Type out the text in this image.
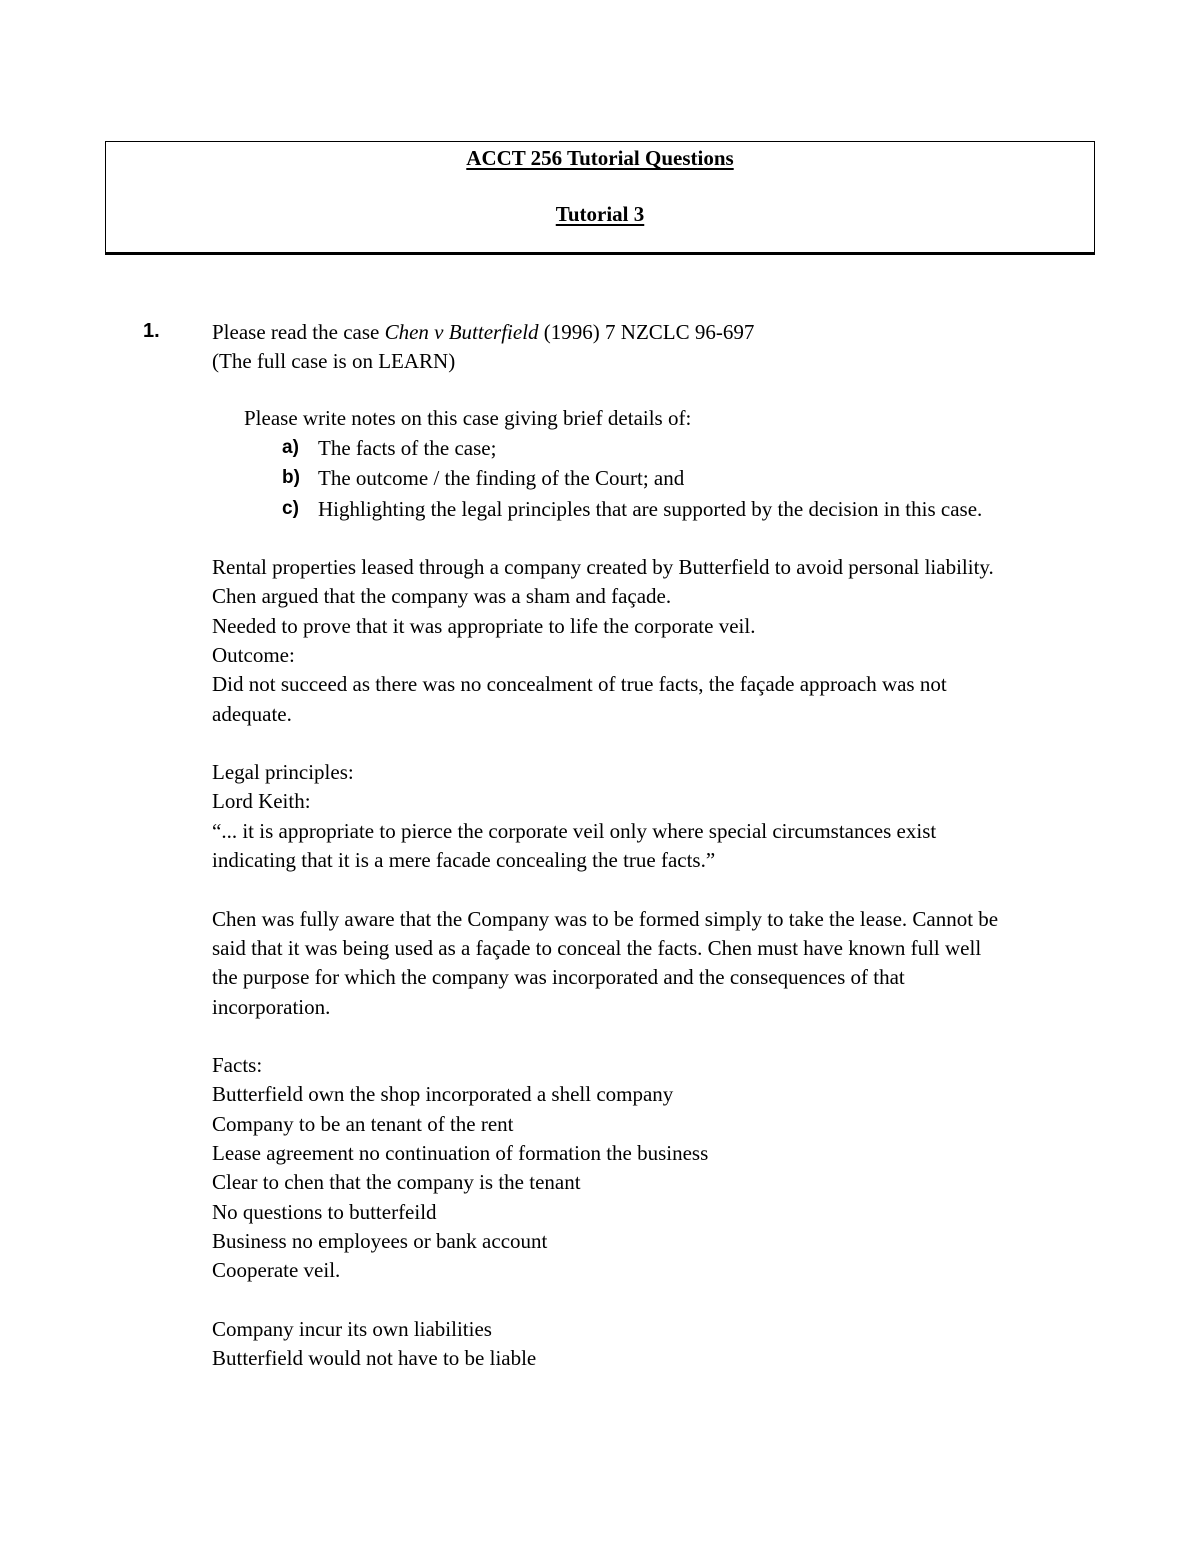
ACCT 256 Tutorial Questions
Tutorial 3
1. Please read the case Chen v Butterfield (1996) 7 NZCLC 96-697
(The full case is on LEARN)
Please write notes on this case giving brief details of:
a) The facts of the case;
b) The outcome / the finding of the Court; and
c) Highlighting the legal principles that are supported by the decision in this case.
Rental properties leased through a company created by Butterfield to avoid personal liability.
Chen argued that the company was a sham and façade.
Needed to prove that it was appropriate to life the corporate veil.
Outcome:
Did not succeed as there was no concealment of true facts, the façade approach was not
adequate.
Legal principles:
Lord Keith:
“... it is appropriate to pierce the corporate veil only where special circumstances exist
indicating that it is a mere facade concealing the true facts.”
Chen was fully aware that the Company was to be formed simply to take the lease. Cannot be
said that it was being used as a façade to conceal the facts. Chen must have known full well
the purpose for which the company was incorporated and the consequences of that
incorporation.
Facts:
Butterfield own the shop incorporated a shell company
Company to be an tenant of the rent
Lease agreement no continuation of formation the business
Clear to chen that the company is the tenant
No questions to butterfeild
Business no employees or bank account
Cooperate veil.
Company incur its own liabilities
Butterfield would not have to be liable
